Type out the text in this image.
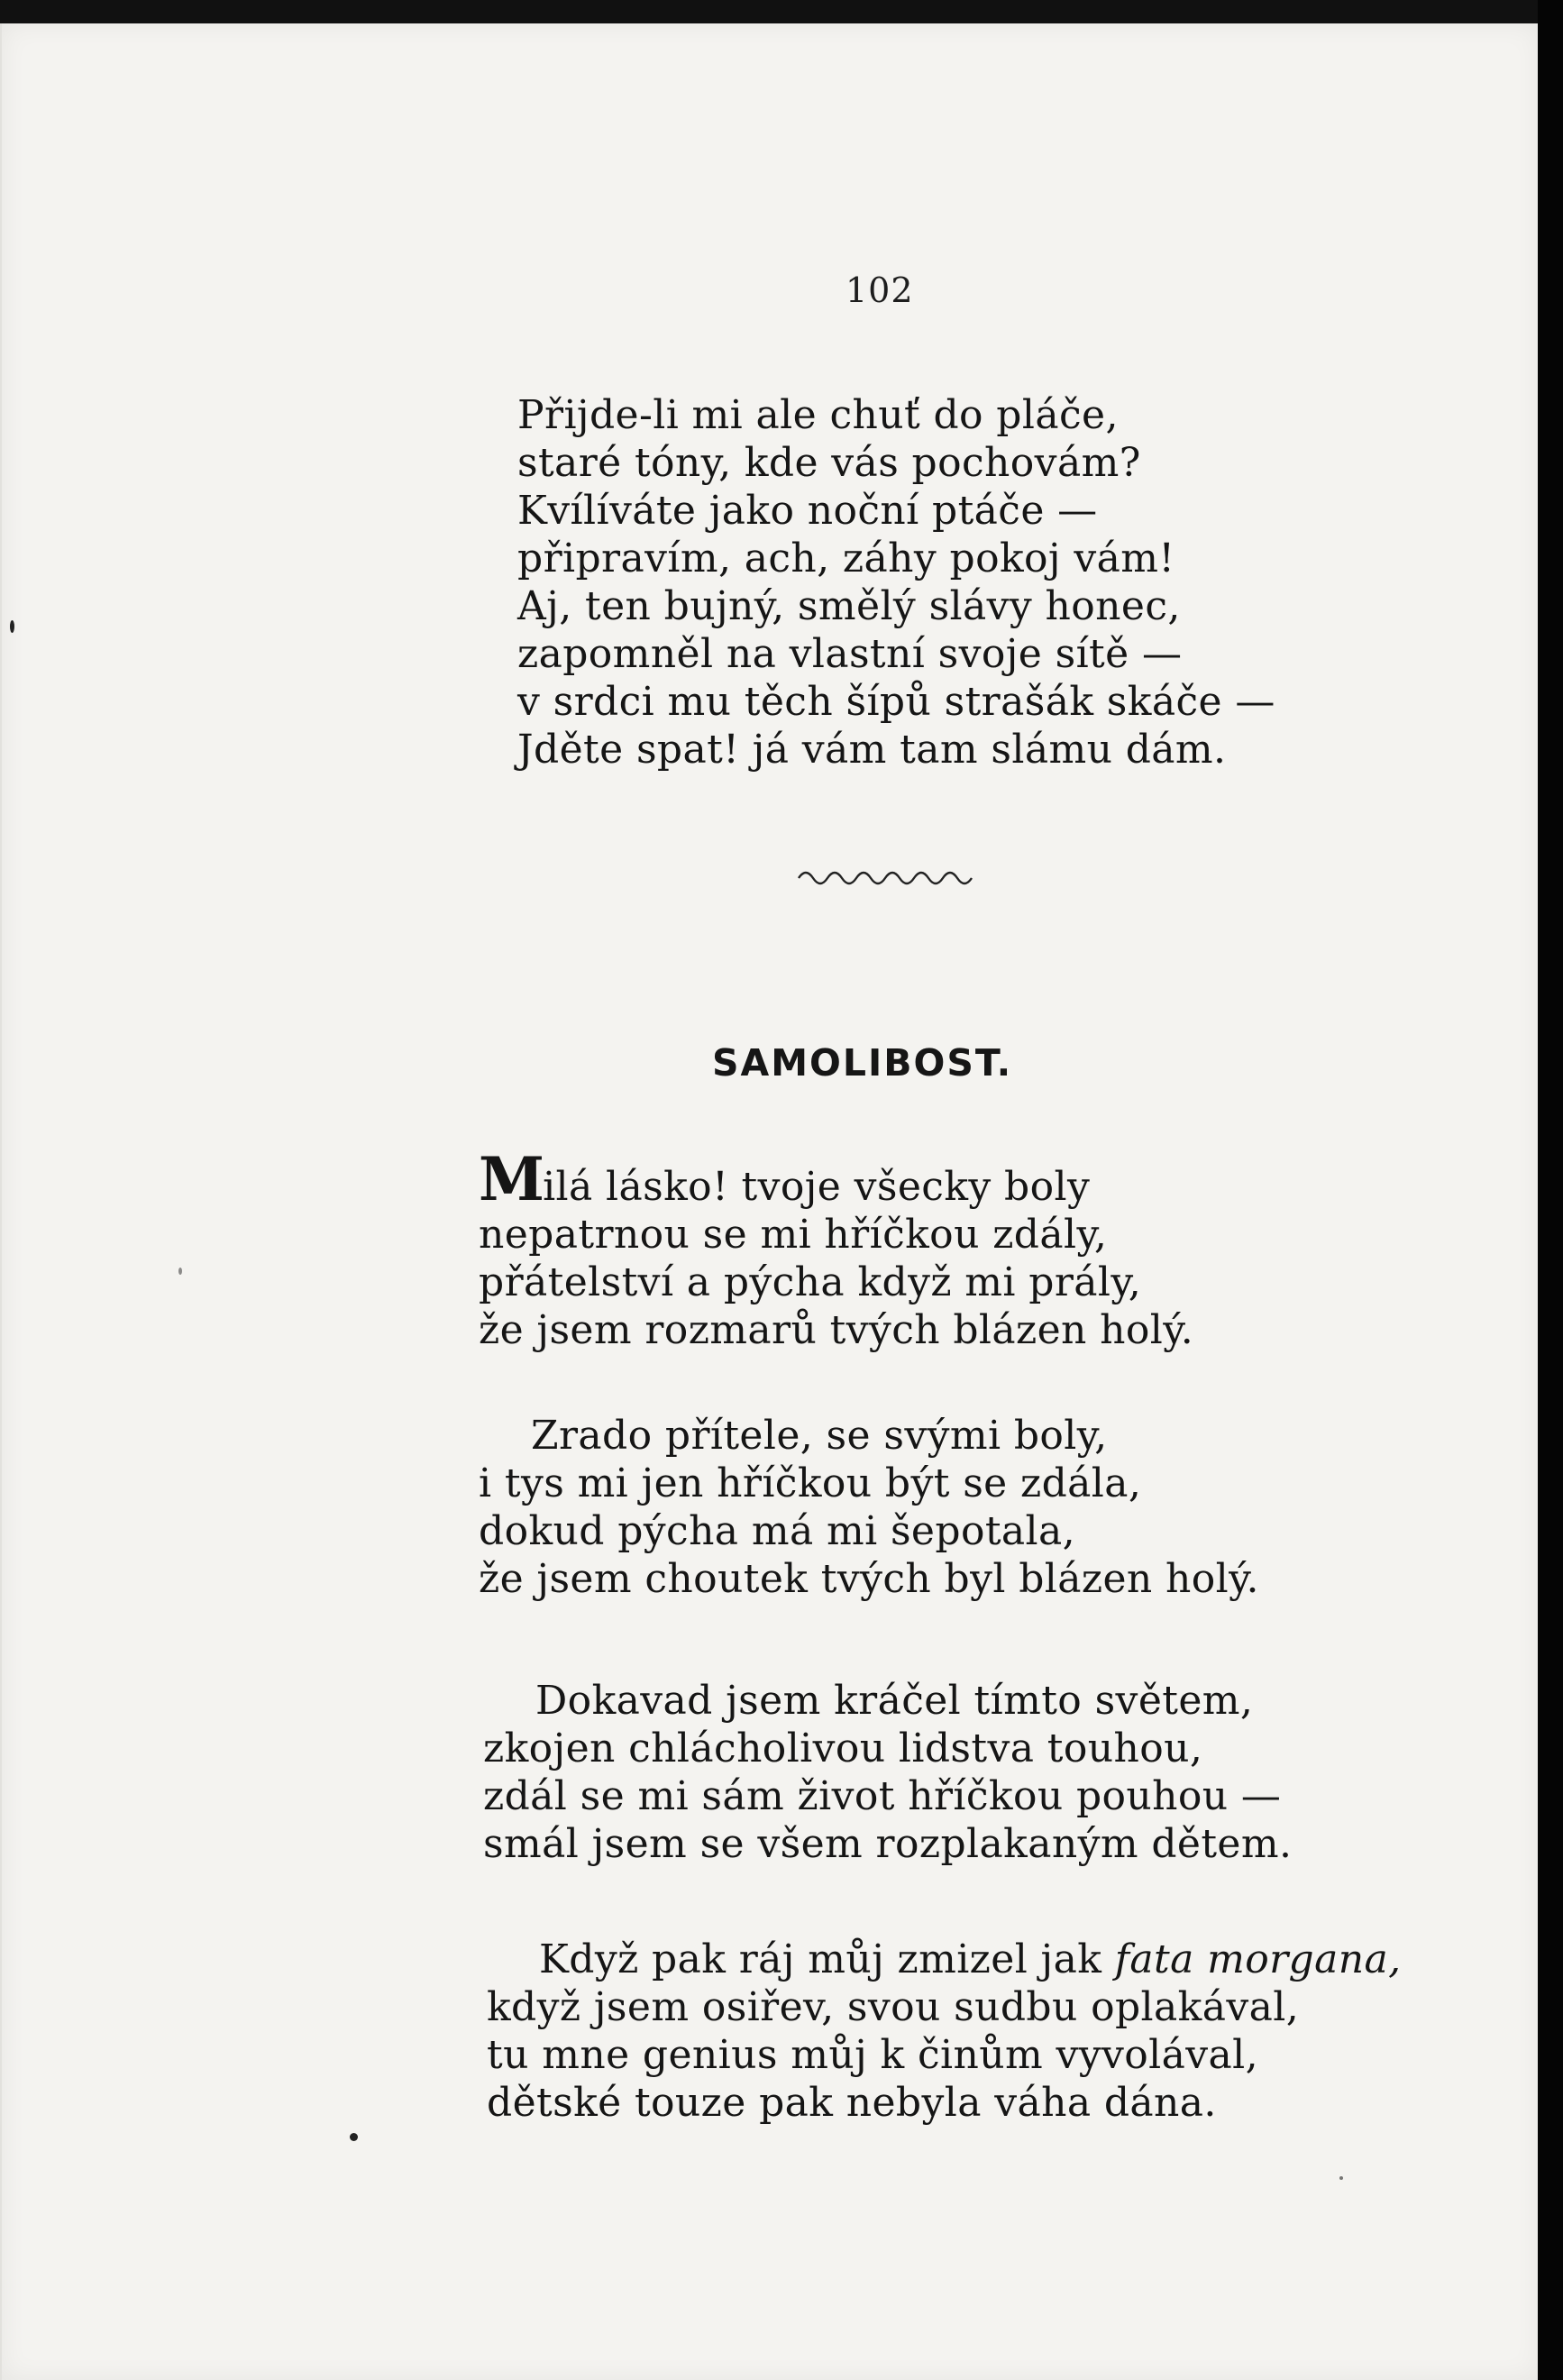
102
Přijde-li mi ale chuť do pláče,
staré tóny, kde vás pochovám?
Kvílíváte jako noční ptáče —
připravím, ach, záhy pokoj vám!
Aj, ten bujný, smělý slávy honec,
zapomněl na vlastní svoje sítě —
v srdci mu těch šípů strašák skáče —
Jděte spat! já vám tam slámu dám.
SAMOLIBOST.
Milá lásko! tvoje všecky boly
nepatrnou se mi hříčkou zdály,
přátelství a pýcha když mi prály,
že jsem rozmarů tvých blázen holý.
Zrado přítele, se svými boly,
i tys mi jen hříčkou být se zdála,
dokud pýcha má mi šepotala,
že jsem choutek tvých byl blázen holý.
Dokavad jsem kráčel tímto světem,
zkojen chlácholivou lidstva touhou,
zdál se mi sám život hříčkou pouhou —
smál jsem se všem rozplakaným dětem.
Když pak ráj můj zmizel jak fata morgana,
když jsem osiřev, svou sudbu oplakával,
tu mne genius můj k činům vyvolával,
dětské touze pak nebyla váha dána.
